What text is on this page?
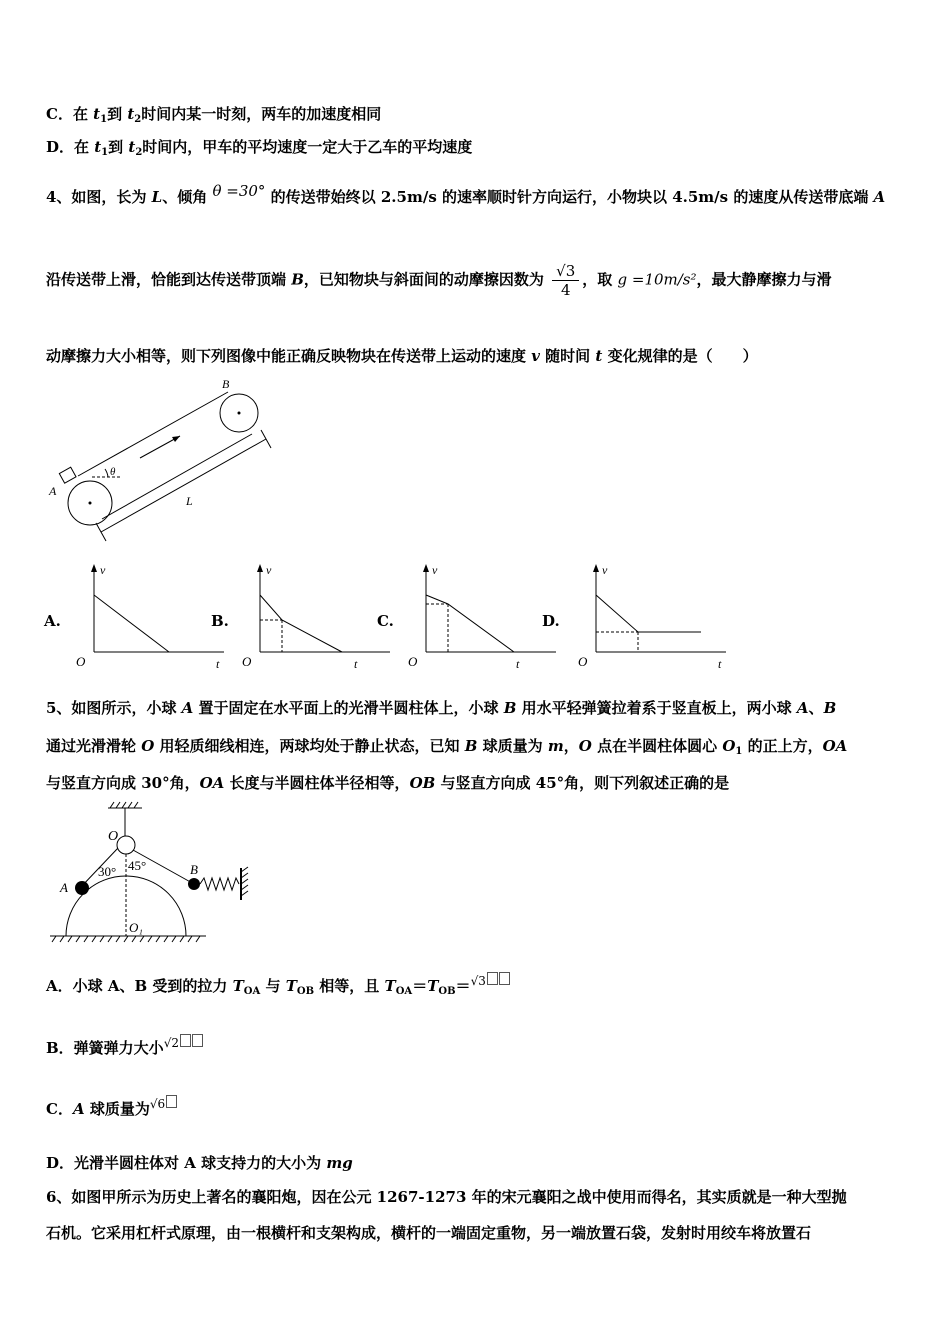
C．在 $t_1$到 $t_2$时间内某一时刻，两车的加速度相同
D．在 $t_1$到 $t_2$时间内，甲车的平均速度一定大于乙车的平均速度
4、如图，长为 L、倾角 θ =30° 的传送带始终以 2.5m/s 的速率顺时针方向运行，小物块以 4.5m/s 的速度从传送带底端 A
沿传送带上滑，恰能到达传送带顶端 B，已知物块与斜面间的动摩擦因数为 $\frac{√3}{4}$ ，取 g =10m/s²，最大静摩擦力与滑
动摩擦力大小相等，则下列图像中能正确反映物块在传送带上运动的速度 v 随时间 t 变化规律的是（　　）
B
A
θ
L
A.
v
O	t
B.
v
O	t
C.
v
O	t
D.
v
O	t
5、如图所示，小球 A 置于固定在水平面上的光滑半圆柱体上，小球 B 用水平轻弹簧拉着系于竖直板上，两小球 A、B
通过光滑滑轮 O 用轻质细线相连，两球均处于静止状态，已知 B 球质量为 m，O 点在半圆柱体圆心 $O_1$ 的正上方，OA
与竖直方向成 30°角，OA 长度与半圆柱体半径相等，OB 与竖直方向成 45°角，则下列叙述正确的是
O
30° 45°
A
B
O₁
A．小球 A、B 受到的拉力 $T_{OA}$ 与 $T_{OB}$ 相等，且 $T_{OA}=T_{OB}=^{√3}$
B．弹簧弹力大小$^{√2}$
C．A 球质量为$^{√6}$
D．光滑半圆柱体对 A 球支持力的大小为 mg
6、如图甲所示为历史上著名的襄阳炮，因在公元 1267-1273 年的宋元襄阳之战中使用而得名，其实质就是一种大型抛
石机。它采用杠杆式原理，由一根横杆和支架构成，横杆的一端固定重物，另一端放置石袋，发射时用绞车将放置石
